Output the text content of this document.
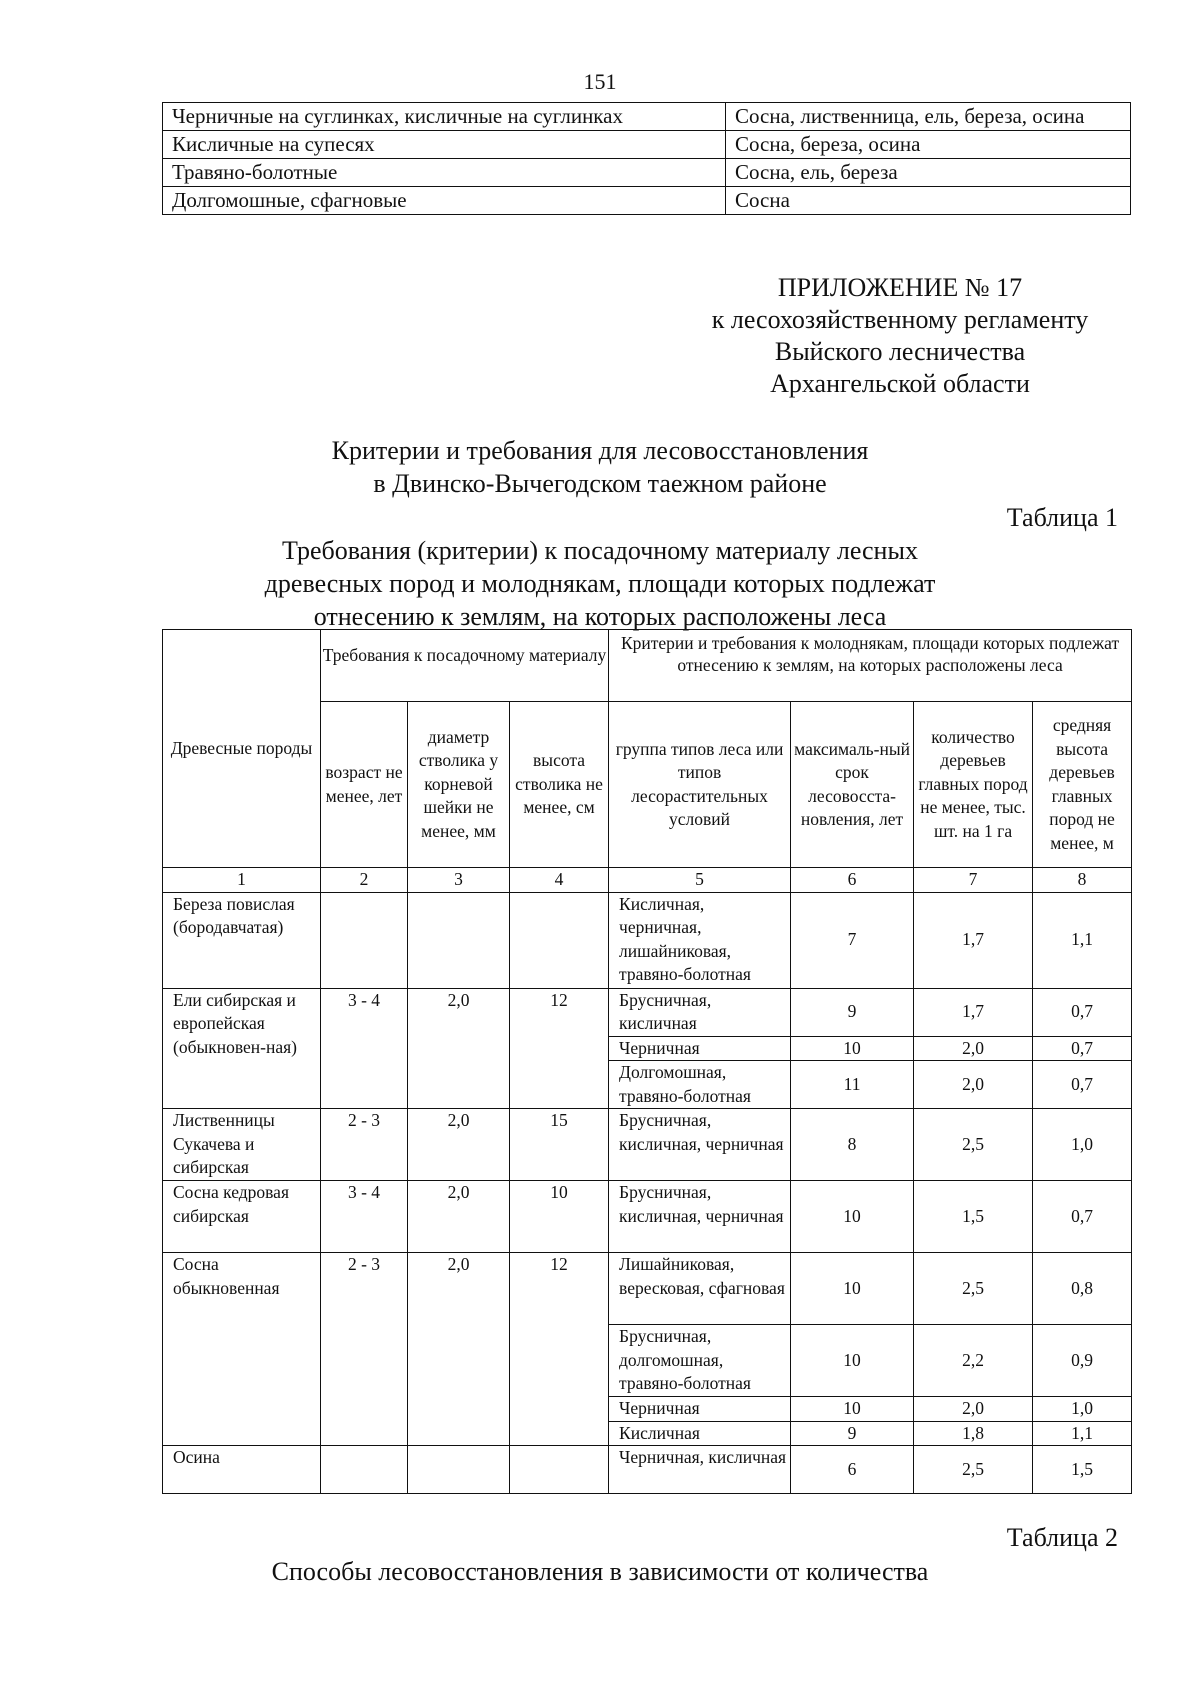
151
Черничные на суглинках, кисличные на суглинках	Сосна, лиственница, ель, береза, осина
Кисличные на супесях	Сосна, береза, осина
Травяно-болотные	Сосна, ель, береза
Долгомошные, сфагновые	Сосна
ПРИЛОЖЕНИЕ № 17
к лесохозяйственному регламенту
Выйского лесничества
Архангельской области
Критерии и требования для лесовосстановления
в Двинско-Вычегодском таежном районе
Таблица 1
Требования (критерии) к посадочному материалу лесных
древесных пород и молоднякам, площади которых подлежат
отнесению к землям, на которых расположены леса
Древесные породы	Требования к посадочному материалу			Критерии и требования к молоднякам, площади которых подлежат отнесению к землям, на которых расположены леса			
	возраст не менее, лет	диаметр стволика у корневой шейки не менее, мм	высота стволика не менее, см	группа типов леса или типов лесорастительных условий	максималь-ный срок лесовосста-новления, лет	количество деревьев главных пород не менее, тыс. шт. на 1 га	средняя высота деревьев главных пород не менее, м
1	2	3	4	5	6	7	8
Береза повислая (бородавчатая)				Кисличная, черничная, лишайниковая, травяно-болотная	7	1,7	1,1
Ели сибирская и европейская (обыкновен-ная)	3 - 4	2,0	12	Брусничная, кисличная	9	1,7	0,7
				Черничная	10	2,0	0,7
				Долгомошная, травяно-болотная	11	2,0	0,7
Лиственницы Сукачева и сибирская	2 - 3	2,0	15	Брусничная, кисличная, черничная	8	2,5	1,0
Сосна кедровая сибирская	3 - 4	2,0	10	Брусничная, кисличная, черничная	10	1,5	0,7
Сосна обыкновенная	2 - 3	2,0	12	Лишайниковая, вересковая, сфагновая	10	2,5	0,8
				Брусничная, долгомошная, травяно-болотная	10	2,2	0,9
				Черничная	10	2,0	1,0
				Кисличная	9	1,8	1,1
Осина				Черничная, кисличная	6	2,5	1,5
Таблица 2
Способы лесовосстановления в зависимости от количества
